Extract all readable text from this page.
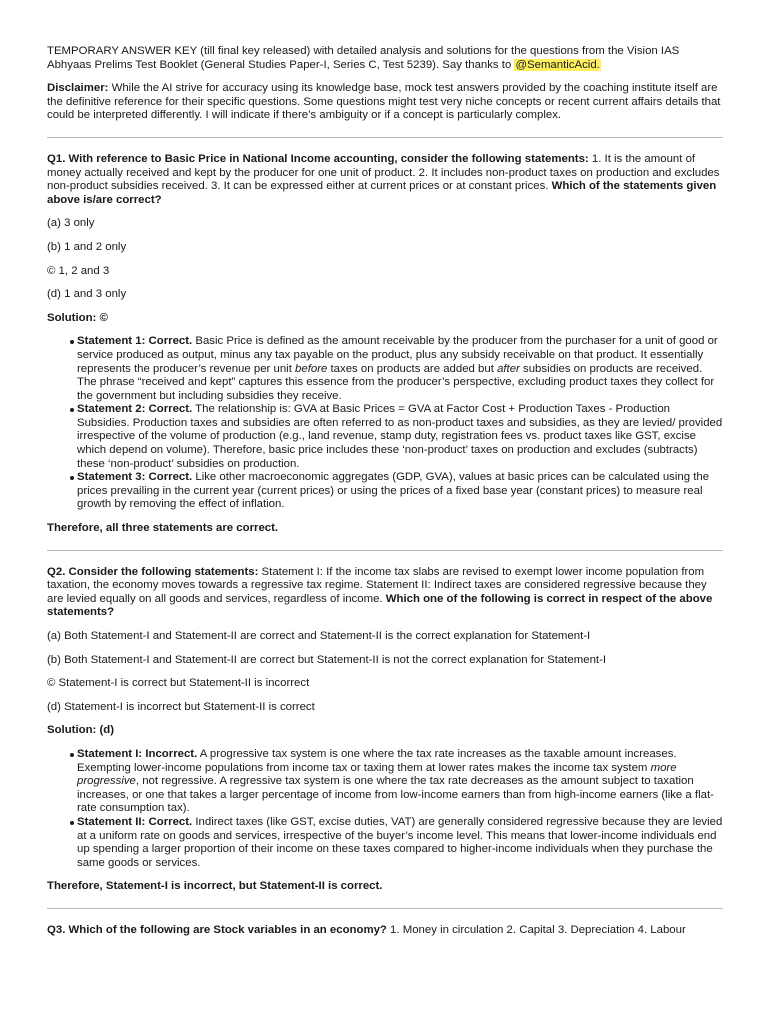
TEMPORARY ANSWER KEY (till final key released) with detailed analysis and solutions for the questions from the Vision IAS Abhyaas Prelims Test Booklet (General Studies Paper-I, Series C, Test 5239). Say thanks to @SemanticAcid.

Disclaimer: While the AI strive for accuracy using its knowledge base, mock test answers provided by the coaching institute itself are the definitive reference for their specific questions. Some questions might test very niche concepts or recent current affairs details that could be interpreted differently. I will indicate if there’s ambiguity or if a concept is particularly complex.

Q1. With reference to Basic Price in National Income accounting, consider the following statements: 1. It is the amount of money actually received and kept by the producer for one unit of product. 2. It includes non-product taxes on production and excludes non-product subsidies received. 3. It can be expressed either at current prices or at constant prices. Which of the statements given above is/are correct?

(a) 3 only

(b) 1 and 2 only

© 1, 2 and 3

(d) 1 and 3 only

Solution: ©

Statement 1: Correct. Basic Price is defined as the amount receivable by the producer from the purchaser for a unit of good or service produced as output, minus any tax payable on the product, plus any subsidy receivable on that product. It essentially represents the producer’s revenue per unit before taxes on products are added but after subsidies on products are received. The phrase “received and kept” captures this essence from the producer’s perspective, excluding product taxes they collect for the government but including subsidies they receive.
Statement 2: Correct. The relationship is: GVA at Basic Prices = GVA at Factor Cost + Production Taxes - Production Subsidies. Production taxes and subsidies are often referred to as non-product taxes and subsidies, as they are levied/ provided irrespective of the volume of production (e.g., land revenue, stamp duty, registration fees vs. product taxes like GST, excise which depend on volume). Therefore, basic price includes these ‘non-product’ taxes on production and excludes (subtracts) these ‘non-product’ subsidies on production.
Statement 3: Correct. Like other macroeconomic aggregates (GDP, GVA), values at basic prices can be calculated using the prices prevailing in the current year (current prices) or using the prices of a fixed base year (constant prices) to measure real growth by removing the effect of inflation.

Therefore, all three statements are correct.

Q2. Consider the following statements: Statement I: If the income tax slabs are revised to exempt lower income population from taxation, the economy moves towards a regressive tax regime. Statement II: Indirect taxes are considered regressive because they are levied equally on all goods and services, regardless of income. Which one of the following is correct in respect of the above statements?

(a) Both Statement-I and Statement-II are correct and Statement-II is the correct explanation for Statement-I

(b) Both Statement-I and Statement-II are correct but Statement-II is not the correct explanation for Statement-I

© Statement-I is correct but Statement-II is incorrect

(d) Statement-I is incorrect but Statement-II is correct

Solution: (d)

Statement I: Incorrect. A progressive tax system is one where the tax rate increases as the taxable amount increases. Exempting lower-income populations from income tax or taxing them at lower rates makes the income tax system more progressive, not regressive. A regressive tax system is one where the tax rate decreases as the amount subject to taxation increases, or one that takes a larger percentage of income from low-income earners than from high-income earners (like a flat-rate consumption tax).
Statement II: Correct. Indirect taxes (like GST, excise duties, VAT) are generally considered regressive because they are levied at a uniform rate on goods and services, irrespective of the buyer’s income level. This means that lower-income individuals end up spending a larger proportion of their income on these taxes compared to higher-income individuals when they purchase the same goods or services.

Therefore, Statement-I is incorrect, but Statement-II is correct.

Q3. Which of the following are Stock variables in an economy? 1. Money in circulation 2. Capital 3. Depreciation 4. Labour
